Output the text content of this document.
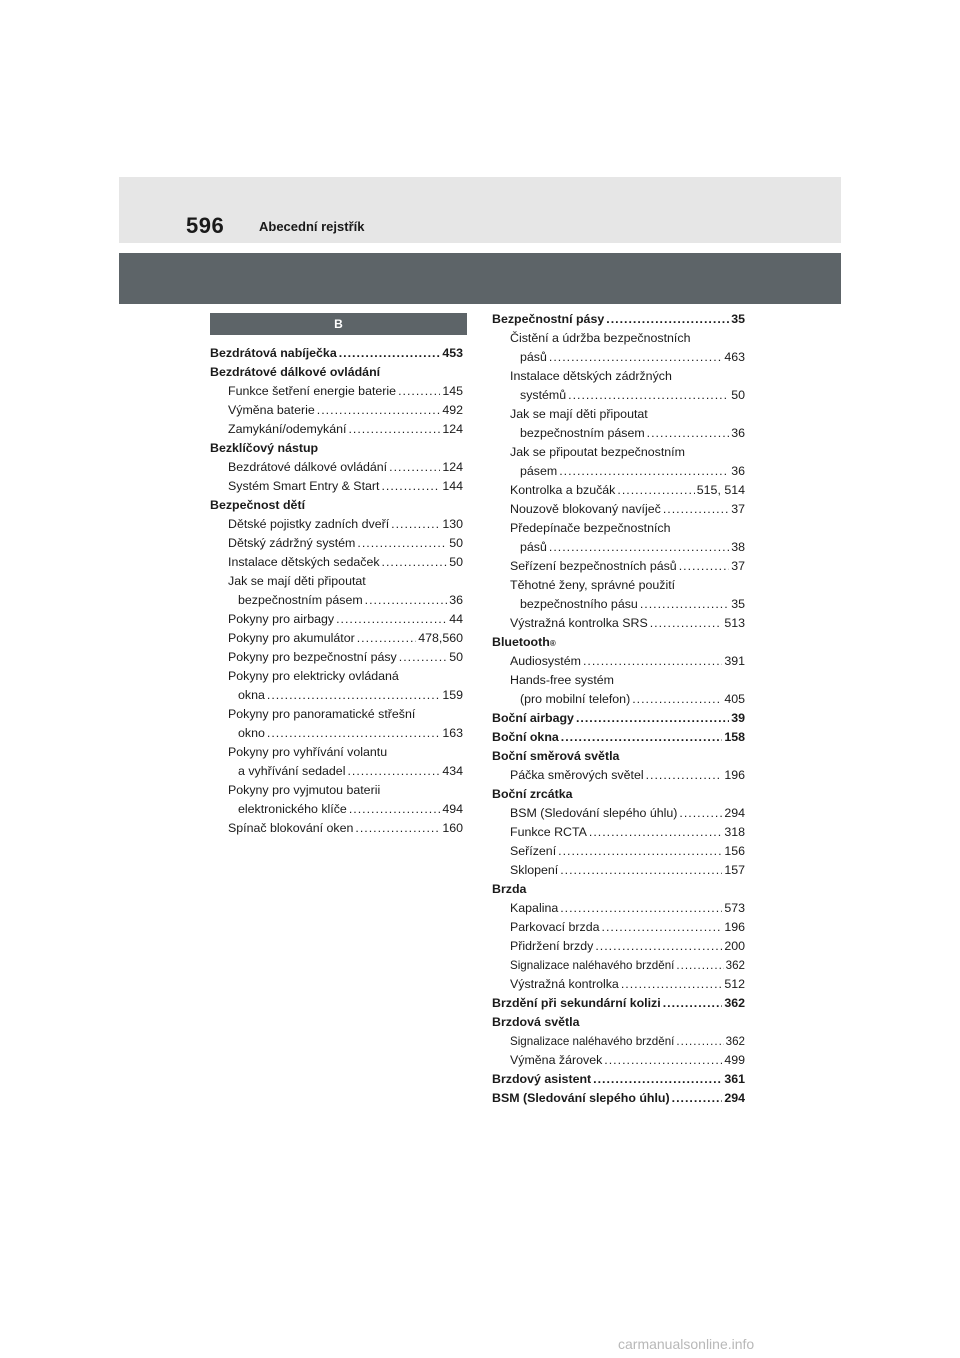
596	Abecední rejstřík
B
Bezdrátová nabíječka .....	453
Bezdrátové dálkové ovládání
Funkce šetření energie baterie .....	145
Výměna baterie .....	492
Zamykání/odemykání .....	124
Bezklíčový nástup
Bezdrátové dálkové ovládání .....	124
Systém Smart Entry & Start .....	144
Bezpečnost dětí
Dětské pojistky zadních dveří .....	130
Dětský zádržný systém .....	50
Instalace dětských sedaček .....	50
Jak se mají děti připoutat
bezpečnostním pásem .....	36
Pokyny pro airbagy .....	44
Pokyny pro akumulátor .....	478,560
Pokyny pro bezpečnostní pásy .....	50
Pokyny pro elektricky ovládaná
okna .....	159
Pokyny pro panoramatické střešní
okno .....	163
Pokyny pro vyhřívání volantu
a vyhřívání sedadel .....	434
Pokyny pro vyjmutou baterii
elektronického klíče .....	494
Spínač blokování oken .....	160
Bezpečnostní pásy .....	35
Čistění a údržba bezpečnostních
pásů .....	463
Instalace dětských zádržných
systémů .....	50
Jak se mají děti připoutat
bezpečnostním pásem .....	36
Jak se připoutat bezpečnostním
pásem .....	36
Kontrolka a bzučák .....	515, 514
Nouzově blokovaný navíječ .....	37
Předepínače bezpečnostních
pásů .....	38
Seřízení bezpečnostních pásů .....	37
Těhotné ženy, správné použití
bezpečnostního pásu .....	35
Výstražná kontrolka SRS .....	513
Bluetooth ®
Audiosystém .....	391
Hands-free systém
(pro mobilní telefon) .....	405
Boční airbagy .....	39
Boční okna .....	158
Boční směrová světla
Páčka směrových světel .....	196
Boční zrcátka
BSM (Sledování slepého úhlu) .....	294
Funkce RCTA .....	318
Seřízení .....	156
Sklopení .....	157
Brzda
Kapalina .....	573
Parkovací brzda .....	196
Přidržení brzdy .....	200
Signalizace naléhavého brzdění .....	362
Výstražná kontrolka .....	512
Brzdění při sekundární kolizi .....	362
Brzdová světla
Signalizace naléhavého brzdění .....	362
Výměna žárovek .....	499
Brzdový asistent .....	361
BSM (Sledování slepého úhlu) .....	294
carmanualsonline.info
